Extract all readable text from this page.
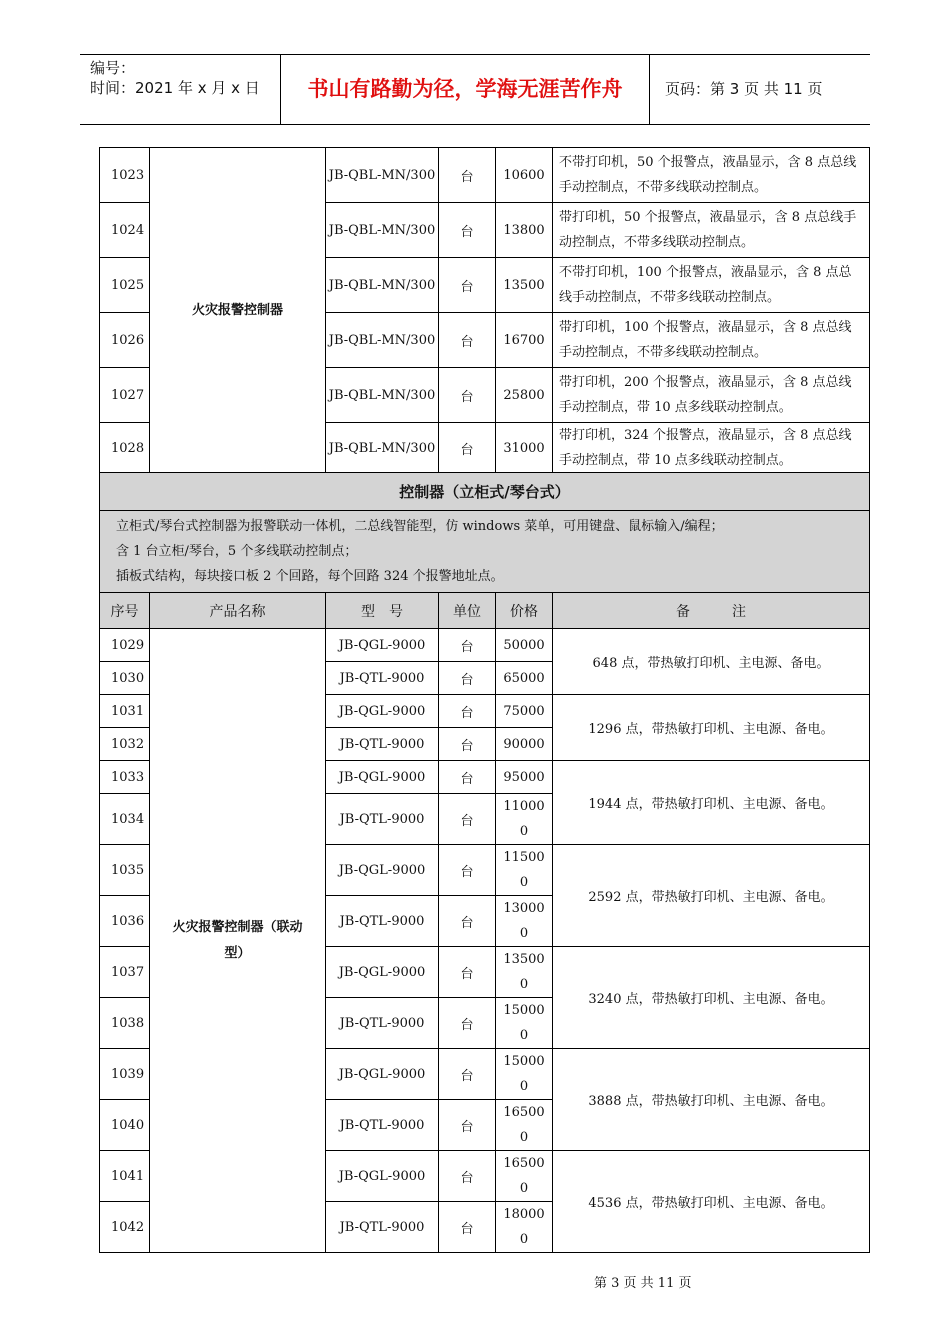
编号：
时间：2021 年 x 月 x 日	书山有路勤为径，学海无涯苦作舟	页码：第 3 页 共 11 页
1023	火灾报警控制器	JB-QBL-MN/300	台	10600	不带打印机，50 个报警点，液晶显示，含 8 点总线手动控制点，不带多线联动控制点。
1024		JB-QBL-MN/300	台	13800	带打印机，50 个报警点，液晶显示，含 8 点总线手动控制点，不带多线联动控制点。
1025		JB-QBL-MN/300	台	13500	不带打印机，100 个报警点，液晶显示，含 8 点总线手动控制点，不带多线联动控制点。
1026		JB-QBL-MN/300	台	16700	带打印机，100 个报警点，液晶显示，含 8 点总线手动控制点，不带多线联动控制点。
1027		JB-QBL-MN/300	台	25800	带打印机，200 个报警点，液晶显示，含 8 点总线手动控制点，带 10 点多线联动控制点。
1028		JB-QBL-MN/300	台	31000	带打印机，324 个报警点，液晶显示，含 8 点总线手动控制点，带 10 点多线联动控制点。
控制器（立柜式/琴台式）					

立柜式/琴台式控制器为报警联动一体机，二总线智能型，仿 windows 菜单，可用键盘、鼠标输入/编程；
含 1 台立柜/琴台，5 个多线联动控制点；
插板式结构，每块接口板 2 个回路，每个回路 324 个报警地址点。					

序号	产品名称	型　号	单位	价格	备　　　注
1029	火灾报警控制器（联动型）	JB-QGL-9000	台	50000	648 点，带热敏打印机、主电源、备电。
1030		JB-QTL-9000	台	65000	
1031		JB-QGL-9000	台	75000	1296 点，带热敏打印机、主电源、备电。
1032		JB-QTL-9000	台	90000	
1033		JB-QGL-9000	台	95000	1944 点，带热敏打印机、主电源、备电。
1034		JB-QTL-9000	台	110000	
1035		JB-QGL-9000	台	115000	2592 点，带热敏打印机、主电源、备电。
1036		JB-QTL-9000	台	130000	
1037		JB-QGL-9000	台	135000	3240 点，带热敏打印机、主电源、备电。
1038		JB-QTL-9000	台	150000	
1039		JB-QGL-9000	台	150000	3888 点，带热敏打印机、主电源、备电。
1040		JB-QTL-9000	台	165000	
1041		JB-QGL-9000	台	165000	4536 点，带热敏打印机、主电源、备电。
1042		JB-QTL-9000	台	180000	
第 3 页 共 11 页
